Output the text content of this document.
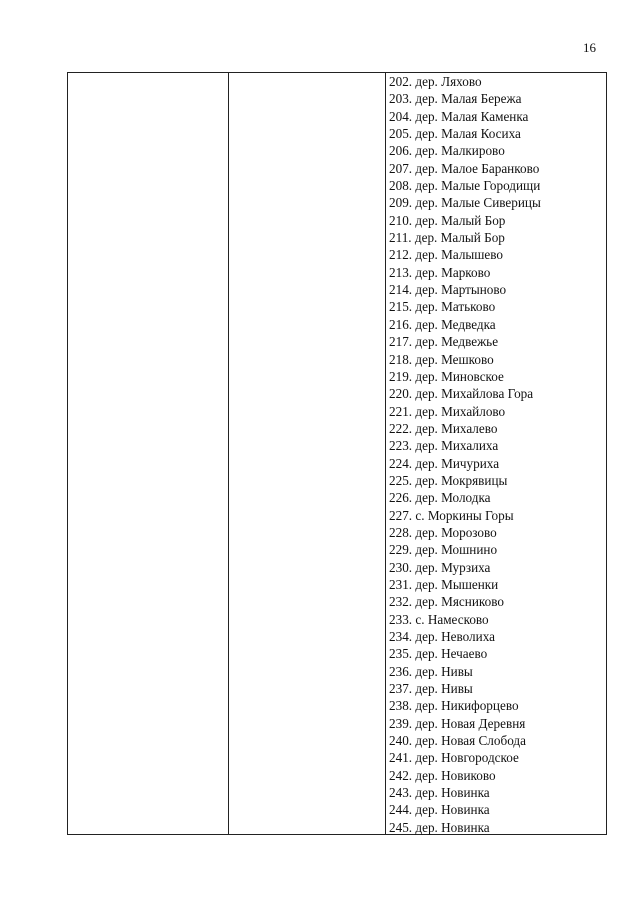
16
202. дер. Ляхово
203. дер. Малая Бережа
204. дер. Малая Каменка
205. дер. Малая Косиха
206. дер. Малкирово
207. дер. Малое Баранково
208. дер. Малые Городищи
209. дер. Малые Сиверицы
210. дер. Малый Бор
211. дер. Малый Бор
212. дер. Малышево
213. дер. Марково
214. дер. Мартыново
215. дер. Матьково
216. дер. Медведка
217. дер. Медвежье
218. дер. Мешково
219. дер. Миновское
220. дер. Михайлова Гора
221. дер. Михайлово
222. дер. Михалево
223. дер. Михалиха
224. дер. Мичуриха
225. дер. Мокрявицы
226. дер. Молодка
227. с. Моркины Горы
228. дер. Морозово
229. дер. Мошнино
230. дер. Мурзиха
231. дер. Мышенки
232. дер. Мясниково
233. с. Намесково
234. дер. Неволиха
235. дер. Нечаево
236. дер. Нивы
237. дер. Нивы
238. дер. Никифорцево
239. дер. Новая Деревня
240. дер. Новая Слобода
241. дер. Новгородское
242. дер. Новиково
243. дер. Новинка
244. дер. Новинка
245. дер. Новинка
